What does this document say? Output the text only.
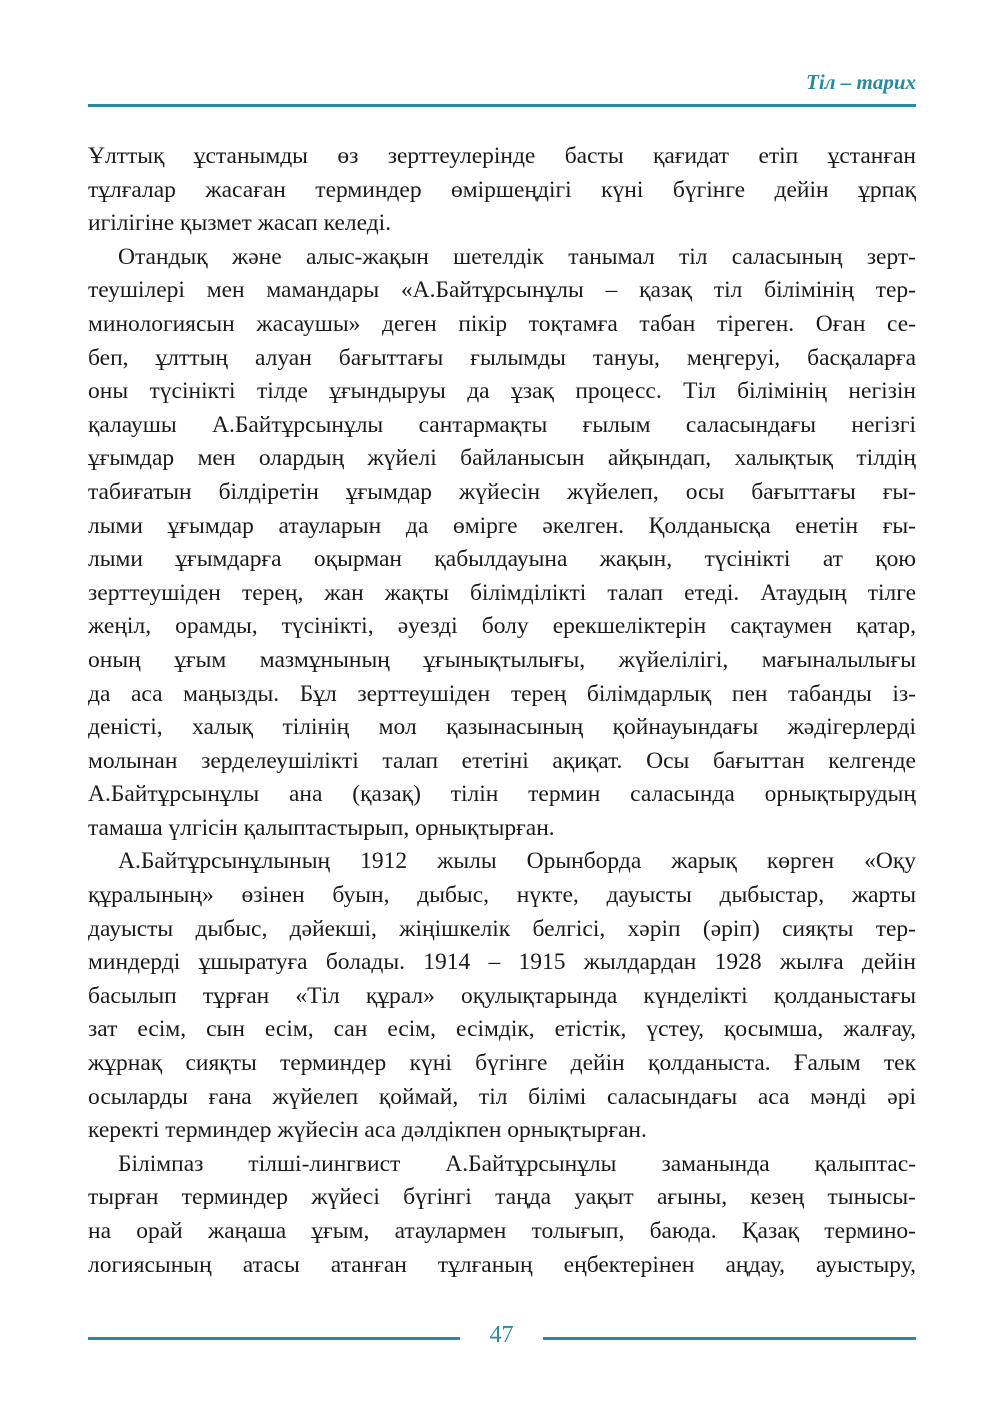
Тіл – тарих

Ұлттық ұстанымды өз зерттеулерінде басты қағидат етіп ұстанған
тұлғалар жасаған терминдер өміршеңдігі күні бүгінге дейін ұрпақ
игілігіне қызмет жасап келеді.

Отандық және алыс-жақын шетелдік танымал тіл саласының зерт-
теушілері мен мамандары «А.Байтұрсынұлы – қазақ тіл білімінің тер-
минологиясын жасаушы» деген пікір тоқтамға табан тіреген. Оған се-
беп, ұлттың алуан бағыттағы ғылымды тануы, меңгеруі, басқаларға
оны түсінікті тілде ұғындыруы да ұзақ процесс. Тіл білімінің негізін
қалаушы А.Байтұрсынұлы сантармақты ғылым саласындағы негізгі
ұғымдар мен олардың жүйелі байланысын айқындап, халықтық тілдің
табиғатын білдіретін ұғымдар жүйесін жүйелеп, осы бағыттағы ғы-
лыми ұғымдар атауларын да өмірге әкелген. Қолданысқа енетін ғы-
лыми ұғымдарға оқырман қабылдауына жақын, түсінікті ат қою
зерттеушіден терең, жан жақты білімділікті талап етеді. Атаудың тілге
жеңіл, орамды, түсінікті, әуезді болу ерекшеліктерін сақтаумен қатар,
оның ұғым мазмұнының ұғынықтылығы, жүйелілігі, мағыналылығы
да аса маңызды. Бұл зерттеушіден терең білімдарлық пен табанды із-
деністі, халық тілінің мол қазынасының қойнауындағы жәдігерлерді
молынан зерделеушілікті талап ететіні ақиқат. Осы бағыттан келгенде
А.Байтұрсынұлы ана (қазақ) тілін термин саласында орнықтырудың
тамаша үлгісін қалыптастырып, орнықтырған.

А.Байтұрсынұлының 1912 жылы Орынборда жарық көрген «Оқу
құралының» өзінен буын, дыбыс, нүкте, дауысты дыбыстар, жарты
дауысты дыбыс, дәйекші, жіңішкелік белгісі, хәріп (әріп) сияқты тер-
миндерді ұшыратуға болады. 1914 – 1915 жылдардан 1928 жылға дейін
басылып тұрған «Тіл құрал» оқулықтарында күнделікті қолданыстағы
зат есім, сын есім, сан есім, есімдік, етістік, үстеу, қосымша, жалғау,
жұрнақ сияқты терминдер күні бүгінге дейін қолданыста. Ғалым тек
осыларды ғана жүйелеп қоймай, тіл білімі саласындағы аса мәнді әрі
керекті терминдер жүйесін аса дәлдікпен орнықтырған.

Білімпаз тілші-лингвист А.Байтұрсынұлы заманында қалыптас-
тырған терминдер жүйесі бүгінгі таңда уақыт ағыны, кезең тынысы-
на орай жаңаша ұғым, атаулармен толығып, баюда. Қазақ термино-
логиясының атасы атанған тұлғаның еңбектерінен аңдау, ауыстыру,

47
